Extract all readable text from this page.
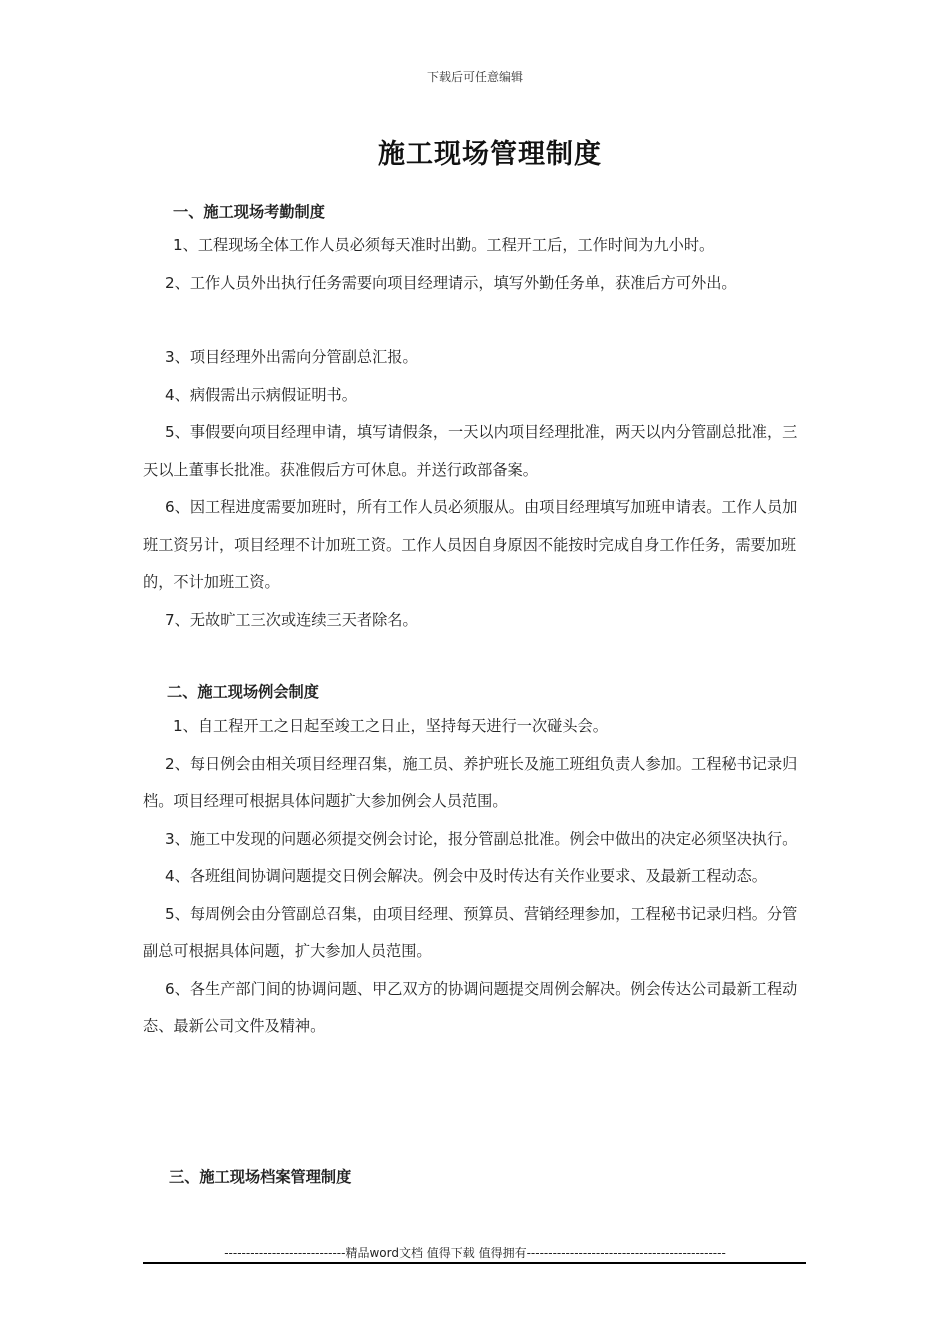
下载后可任意编辑
施工现场管理制度
一、施工现场考勤制度

1、工程现场全体工作人员必须每天准时出勤。工程开工后，工作时间为九小时。

2、工作人员外出执行任务需要向项目经理请示，填写外勤任务单，获准后方可外出。

3、项目经理外出需向分管副总汇报。

4、病假需出示病假证明书。

5、事假要向项目经理申请，填写请假条，一天以内项目经理批准，两天以内分管副总批准，三天以上董事长批准。获准假后方可休息。并送行政部备案。

6、因工程进度需要加班时，所有工作人员必须服从。由项目经理填写加班申请表。工作人员加班工资另计，项目经理不计加班工资。工作人员因自身原因不能按时完成自身工作任务，需要加班的，不计加班工资。

7、无故旷工三次或连续三天者除名。

二、施工现场例会制度

1、自工程开工之日起至竣工之日止，坚持每天进行一次碰头会。

2、每日例会由相关项目经理召集，施工员、养护班长及施工班组负责人参加。工程秘书记录归档。项目经理可根据具体问题扩大参加例会人员范围。

3、施工中发现的问题必须提交例会讨论，报分管副总批准。例会中做出的决定必须坚决执行。

4、各班组间协调问题提交日例会解决。例会中及时传达有关作业要求、及最新工程动态。

5、每周例会由分管副总召集，由项目经理、预算员、营销经理参加，工程秘书记录归档。分管副总可根据具体问题，扩大参加人员范围。

6、各生产部门间的协调问题、甲乙双方的协调问题提交周例会解决。例会传达公司最新工程动态、最新公司文件及精神。

三、施工现场档案管理制度
----------------------------精品word文档 值得下载 值得拥有----------------------------------------------
